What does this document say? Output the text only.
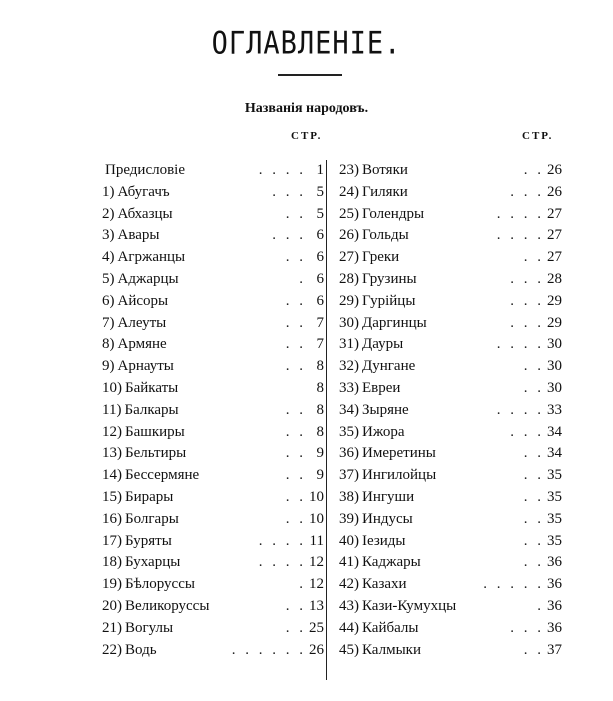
ОГЛАВЛЕНІЕ.
Названія народовъ.
СТР.	СТР.
Предисловіе	. . . . 1
1) Абугачъ	. . . 5
2) Абхазцы	. . 5
3) Авары	. . . 6
4) Агржанцы	. . 6
5) Аджарцы	. 6
6) Айсоры	. . 6
7) Алеуты	. . 7
8) Армяне	. . 7
9) Арнауты	. . 8
10) Байкаты	8
11) Балкары	. . 8
12) Башкиры	. . 8
13) Бельтиры	. . 9
14) Бессермяне	. . 9
15) Бирары	. . 10
16) Болгары	. . 10
17) Буряты	. . . . 11
18) Бухарцы	. . . . 12
19) Бѣлоруссы	. 12
20) Великоруссы	. . 13
21) Вогулы	. . 25
22) Водь	. . . . . . 26
23) Вотяки	. . 26
24) Гиляки	. . . 26
25) Голендры	. . . . 27
26) Гольды	. . . . 27
27) Греки	. . 27
28) Грузины	. . . 28
29) Гурійцы	. . . 29
30) Даргинцы	. . . 29
31) Дауры	. . . . 30
32) Дунгане	. . 30
33) Евреи	. . 30
34) Зыряне	. . . . 33
35) Ижора	. . . 34
36) Имеретины	. . 34
37) Ингилойцы	. . 35
38) Ингуши	. . 35
39) Индусы	. . 35
40) Іезиды	. . 35
41) Каджары	. . 36
42) Казахи	. . . . . 36
43) Кази-Кумухцы	. 36
44) Кайбалы	. . . 36
45) Калмыки	. . 37
